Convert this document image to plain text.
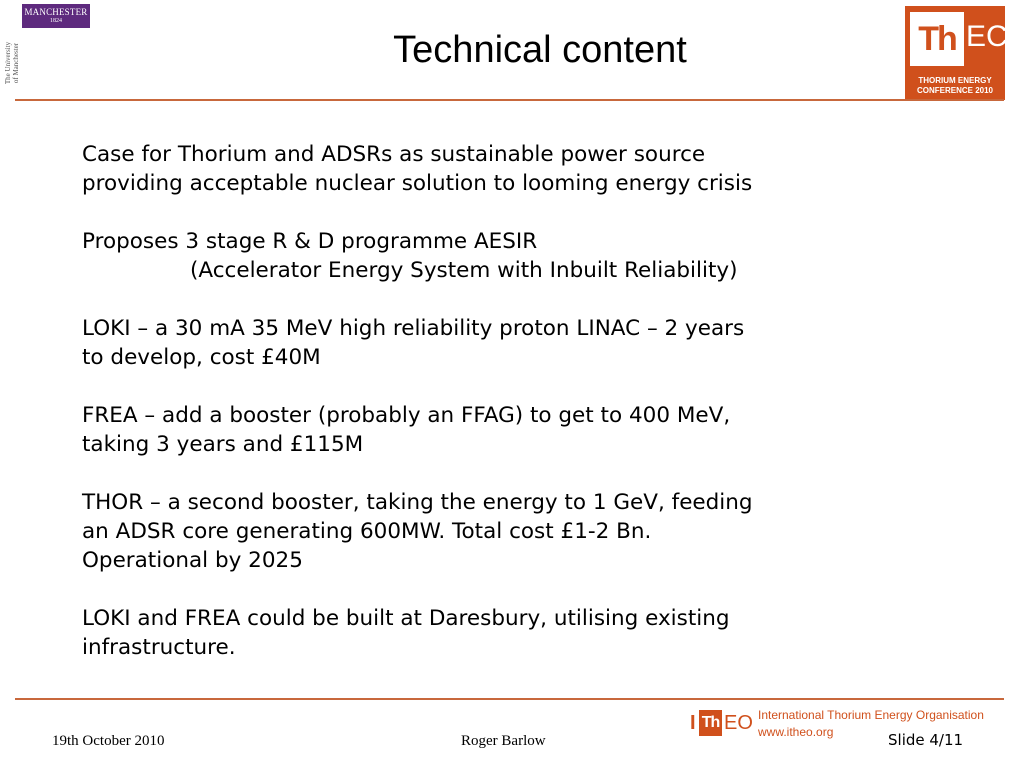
MANCHESTER
1824
The University of Manchester	Technical content	Th EC
THORIUM ENERGY
CONFERENCE 2010

Case for Thorium and ADSRs as sustainable power source
providing acceptable nuclear solution to looming energy crisis

Proposes 3 stage R & D programme AESIR
(Accelerator Energy System with Inbuilt Reliability)

LOKI – a 30 mA 35 MeV high reliability proton LINAC – 2 years
to develop, cost £40M

FREA – add a booster (probably an FFAG) to get to 400 MeV,
taking 3 years and £115M

THOR – a second booster, taking the energy to 1 GeV, feeding
an ADSR core generating 600MW. Total cost £1-2 Bn.
Operational by 2025

LOKI and FREA could be built at Daresbury, utilising existing
infrastructure.

19th October 2010	Roger Barlow
I Th EO International Thorium Energy Organisation
www.itheo.org	Slide 4/11
